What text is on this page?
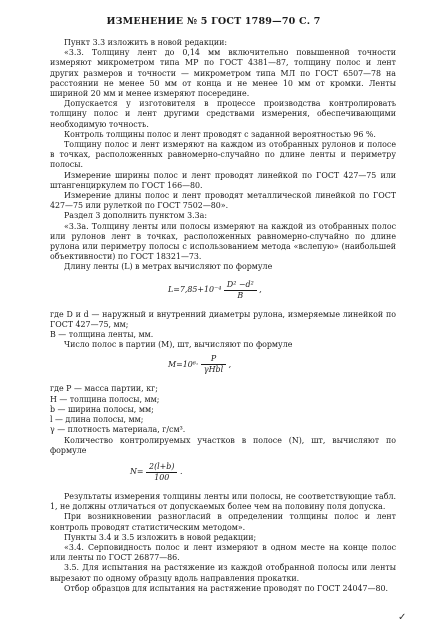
ИЗМЕНЕНИЕ № 5 ГОСТ 1789—70 С. 7

Пункт 3.3 изложить в новой редакции:

«3.3. Толщину лент до 0,14 мм включительно повышенной точности измеряют микрометром типа МР по ГОСТ 4381—87, толщину полос и лент других размеров и точности — микрометром типа МЛ по ГОСТ 6507—78 на расстоянии не менее 50 мм от конца и не менее 10 мм от кромки. Ленты шириной 20 мм и менее измеряют посередине.

Допускается у изготовителя в процессе производства контролировать толщину полос и лент другими средствами измерения, обеспечивающими необходимую точность.

Контроль толщины полос и лент проводят с заданной вероятностью 96 %.

Толщину полос и лент измеряют на каждом из отобранных рулонов и полосе в точках, расположенных равномерно-случайно по длине ленты и периметру полосы.

Измерение ширины полос и лент проводят линейкой по ГОСТ 427—75 или штангенциркулем по ГОСТ 166—80.

Измерение длины полос и лент проводят металлической линейкой по ГОСТ 427—75 или рулеткой по ГОСТ 7502—80».

Раздел 3 дополнить пунктом 3.3а:

«3.3а. Толщину ленты или полосы измеряют на каждой из отобранных полос или рулонов лент в точках, расположенных равномерно-случайно по длине рулона или периметру полосы с использованием метода «вслепую» (наибольшей объективности) по ГОСТ 18321—73.

Длину ленты (L) в метрах вычисляют по формуле

$L=7,85+10^{-4} \frac{\text{D² −d²}}{B}$ ,

где D и d — наружный и внутренний диаметры рулона, измеряемые линейкой по ГОСТ 427—75, мм;

B — толщина ленты, мм.

Число полос в партии (M), шт, вычисляют по формуле

$M=10^6\cdot \frac{P}{\text{γHbl}}$ ,

где P — масса партии, кг;

H — толщина полосы, мм;

b — ширина полосы, мм;

l — длина полосы, мм;

γ — плотность материала, г/см³.

Количество контролируемых участков в полосе (N), шт, вычисляют по формуле

$N= \frac{2(l+b)}{100}$ .

Результаты измерения толщины ленты или полосы, не соответствующие табл. 1, не должны отличаться от допускаемых более чем на половину поля допуска.

При возникновении разногласий в определении толщины полос и лент контроль проводят статистическим методом».

Пункты 3.4 и 3.5 изложить в новой редакции;

«3.4. Серповидность полос и лент измеряют в одном месте на конце полос или ленты по ГОСТ 26877—86.

3.5. Для испытания на растяжение из каждой отобранной полосы или ленты вырезают по одному образцу вдоль направления прокатки.

Отбор образцов для испытания на растяжение проводят по ГОСТ 24047—80.

✓
